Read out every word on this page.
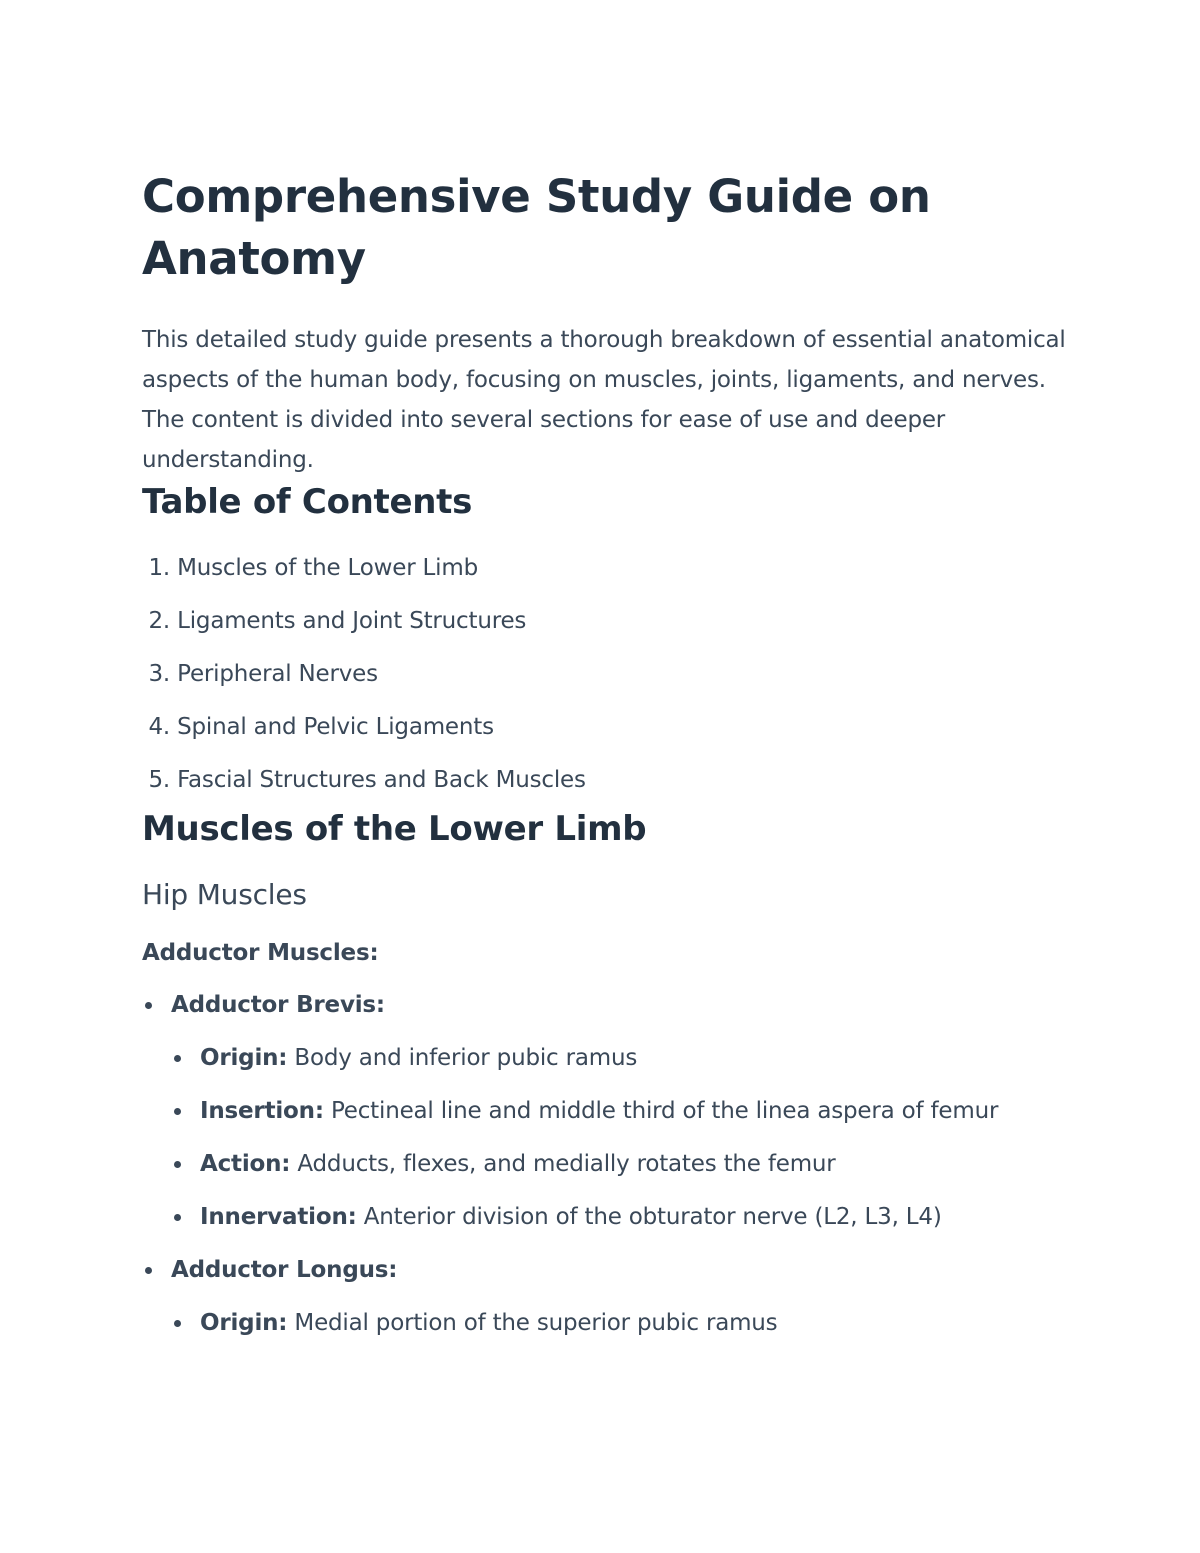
Comprehensive Study Guide on Anatomy

This detailed study guide presents a thorough breakdown of essential anatomical aspects of the human body, focusing on muscles, joints, ligaments, and nerves. The content is divided into several sections for ease of use and deeper understanding.

Table of Contents
1. Muscles of the Lower Limb
2. Ligaments and Joint Structures
3. Peripheral Nerves
4. Spinal and Pelvic Ligaments
5. Fascial Structures and Back Muscles
Muscles of the Lower Limb
Hip Muscles

Adductor Muscles:

Adductor Brevis:
Origin: Body and inferior pubic ramus
Insertion: Pectineal line and middle third of the linea aspera of femur
Action: Adducts, flexes, and medially rotates the femur
Innervation: Anterior division of the obturator nerve (L2, L3, L4)
Adductor Longus:
Origin: Medial portion of the superior pubic ramus
